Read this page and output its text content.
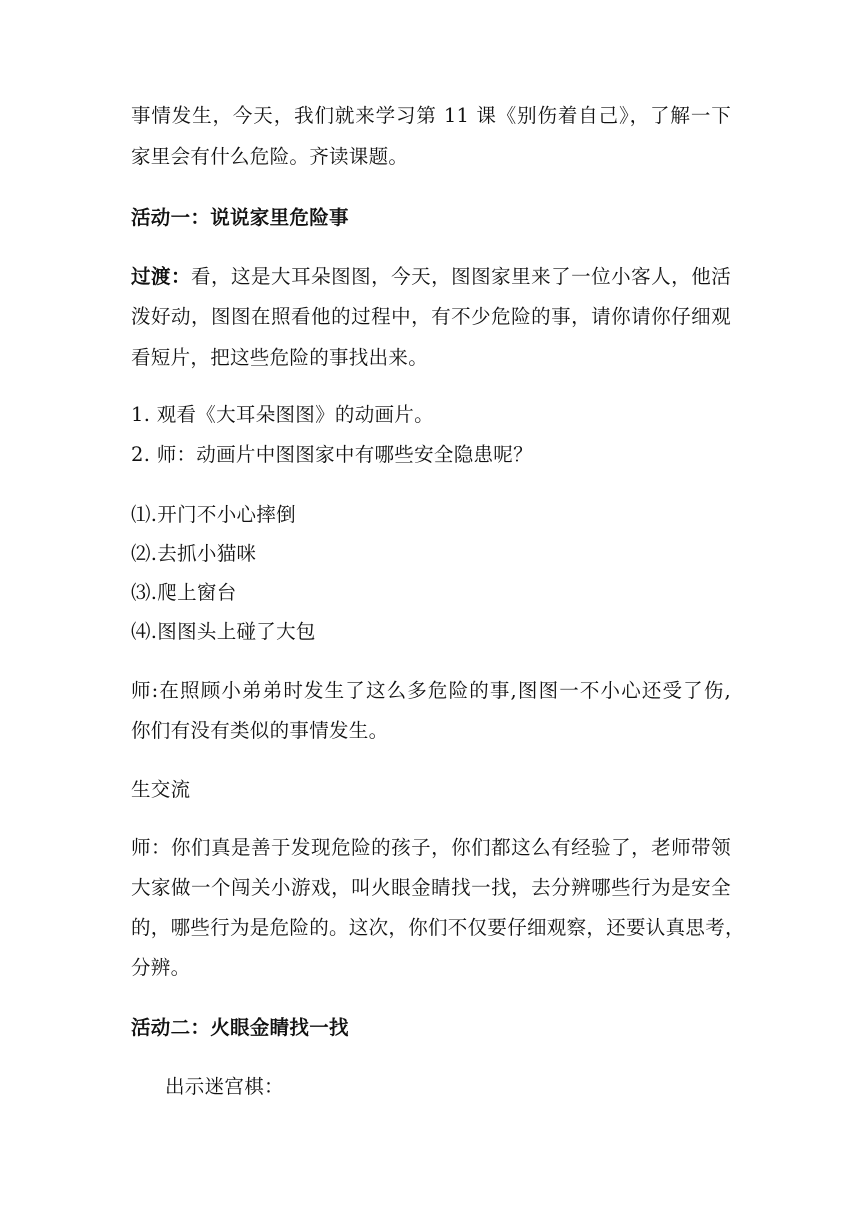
事情发生，今天，我们就来学习第 11 课《别伤着自己》，了解一下
家里会有什么危险。齐读课题。
活动一：说说家里危险事
过渡：看，这是大耳朵图图，今天，图图家里来了一位小客人，他活
泼好动，图图在照看他的过程中，有不少危险的事，请你请你仔细观
看短片，把这些危险的事找出来。
1. 观看《大耳朵图图》的动画片。
2. 师：动画片中图图家中有哪些安全隐患呢？
⑴.开门不小心摔倒
⑵.去抓小猫咪
⑶.爬上窗台
⑷.图图头上碰了大包
师:在照顾小弟弟时发生了这么多危险的事,图图一不小心还受了伤,
你们有没有类似的事情发生。
生交流
师：你们真是善于发现危险的孩子，你们都这么有经验了，老师带领
大家做一个闯关小游戏，叫火眼金睛找一找，去分辨哪些行为是安全
的，哪些行为是危险的。这次，你们不仅要仔细观察，还要认真思考，
分辨。
活动二：火眼金睛找一找
出示迷宫棋：
